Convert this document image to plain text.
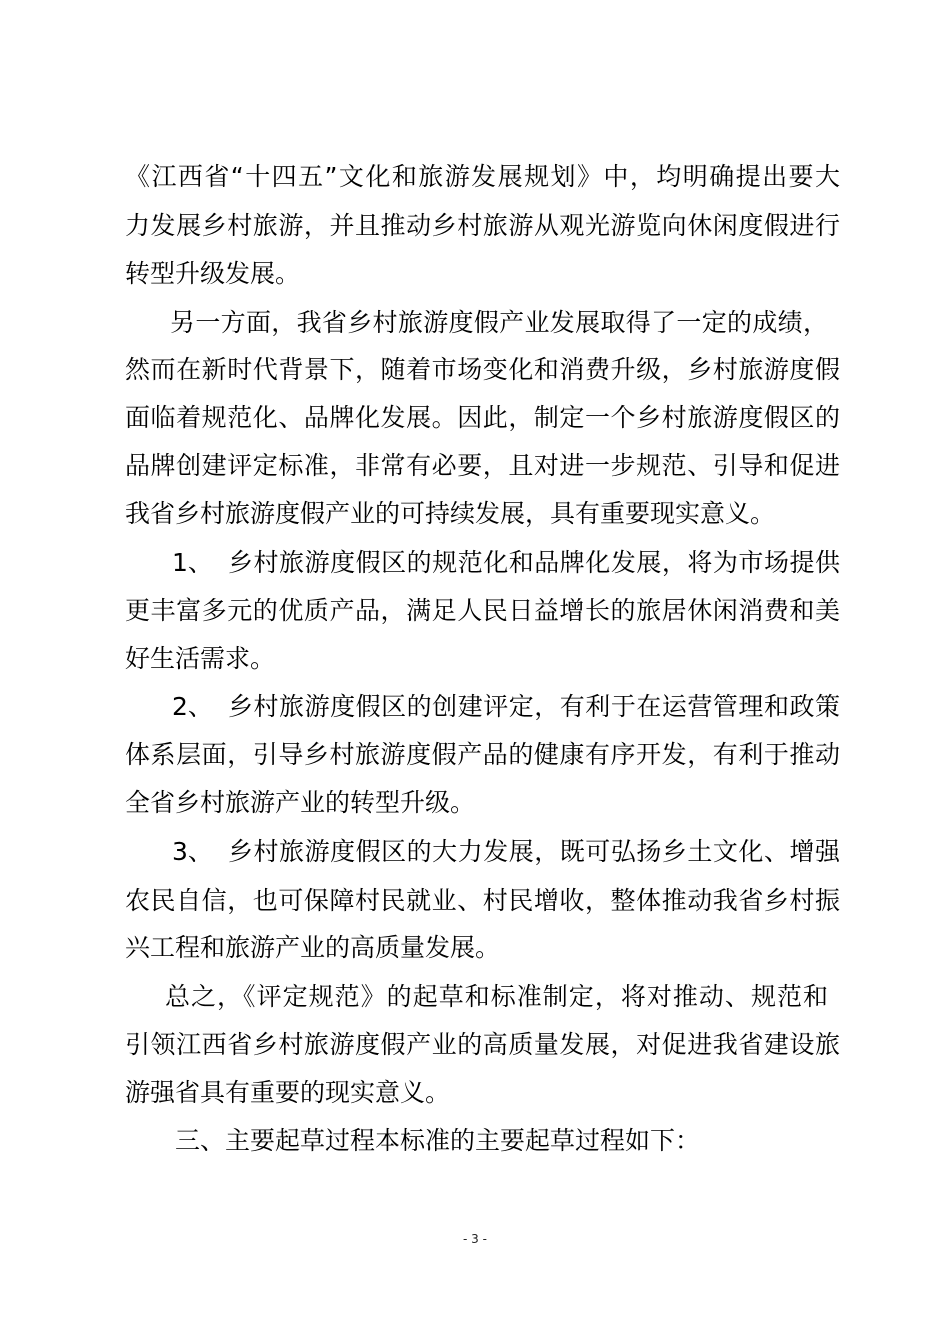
《江西省“十四五”文化和旅游发展规划》中，均明确提出要大
力发展乡村旅游，并且推动乡村旅游从观光游览向休闲度假进行
转型升级发展。
另一方面，我省乡村旅游度假产业发展取得了一定的成绩，
然而在新时代背景下，随着市场变化和消费升级，乡村旅游度假
面临着规范化、品牌化发展。因此，制定一个乡村旅游度假区的
品牌创建评定标准，非常有必要，且对进一步规范、引导和促进
我省乡村旅游度假产业的可持续发展，具有重要现实意义。
1、 乡村旅游度假区的规范化和品牌化发展，将为市场提供
更丰富多元的优质产品，满足人民日益增长的旅居休闲消费和美
好生活需求。
2、 乡村旅游度假区的创建评定，有利于在运营管理和政策
体系层面，引导乡村旅游度假产品的健康有序开发，有利于推动
全省乡村旅游产业的转型升级。
3、 乡村旅游度假区的大力发展，既可弘扬乡土文化、增强
农民自信，也可保障村民就业、村民增收，整体推动我省乡村振
兴工程和旅游产业的高质量发展。
总之，《评定规范》的起草和标准制定，将对推动、规范和
引领江西省乡村旅游度假产业的高质量发展，对促进我省建设旅
游强省具有重要的现实意义。
三、主要起草过程本标准的主要起草过程如下：
- 3 -
